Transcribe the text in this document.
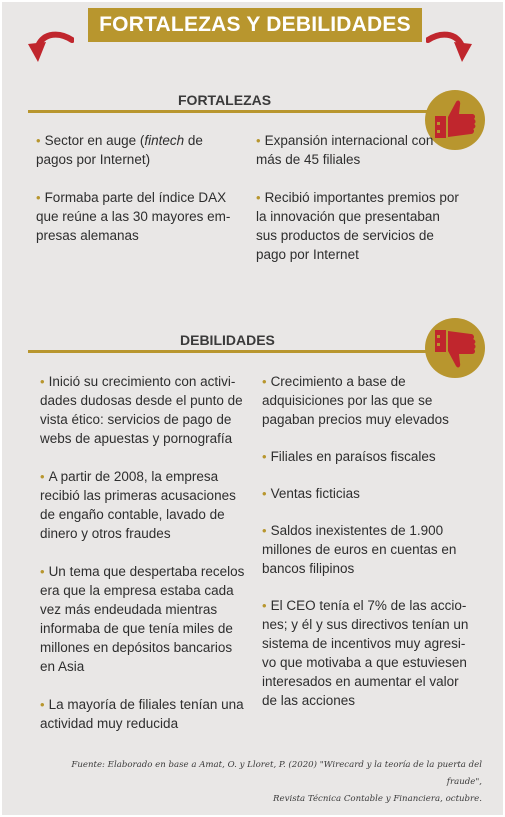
FORTALEZAS Y DEBILIDADES
FORTALEZAS

• Sector en auge (fintech de pagos por Internet)

• Formaba parte del índice DAX que reúne a las 30 mayores em-presas alemanas

• Expansión internacional con más de 45 filiales

• Recibió importantes premios por la innovación que presentaban sus productos de servicios de pago por Internet

DEBILIDADES

• Inició su crecimiento con activi-dades dudosas desde el punto de vista ético: servicios de pago de webs de apuestas y pornografía

• A partir de 2008, la empresa recibió las primeras acusaciones de engaño contable, lavado de dinero y otros fraudes

• Un tema que despertaba recelos era que la empresa estaba cada vez más endeudada mientras informaba de que tenía miles de millones en depósitos bancarios en Asia

• La mayoría de filiales tenían una actividad muy reducida

• Crecimiento a base de adquisiciones por las que se pagaban precios muy elevados

• Filiales en paraísos fiscales

• Ventas ficticias

• Saldos inexistentes de 1.900 millones de euros en cuentas en bancos filipinos

• El CEO tenía el 7% de las accio-nes; y él y sus directivos tenían un sistema de incentivos muy agresi-vo que motivaba a que estuviesen interesados en aumentar el valor de las acciones

Fuente: Elaborado en base a Amat, O. y Lloret, P. (2020) "Wirecard y la teoría de la puerta del fraude",
Revista Técnica Contable y Financiera, octubre.
